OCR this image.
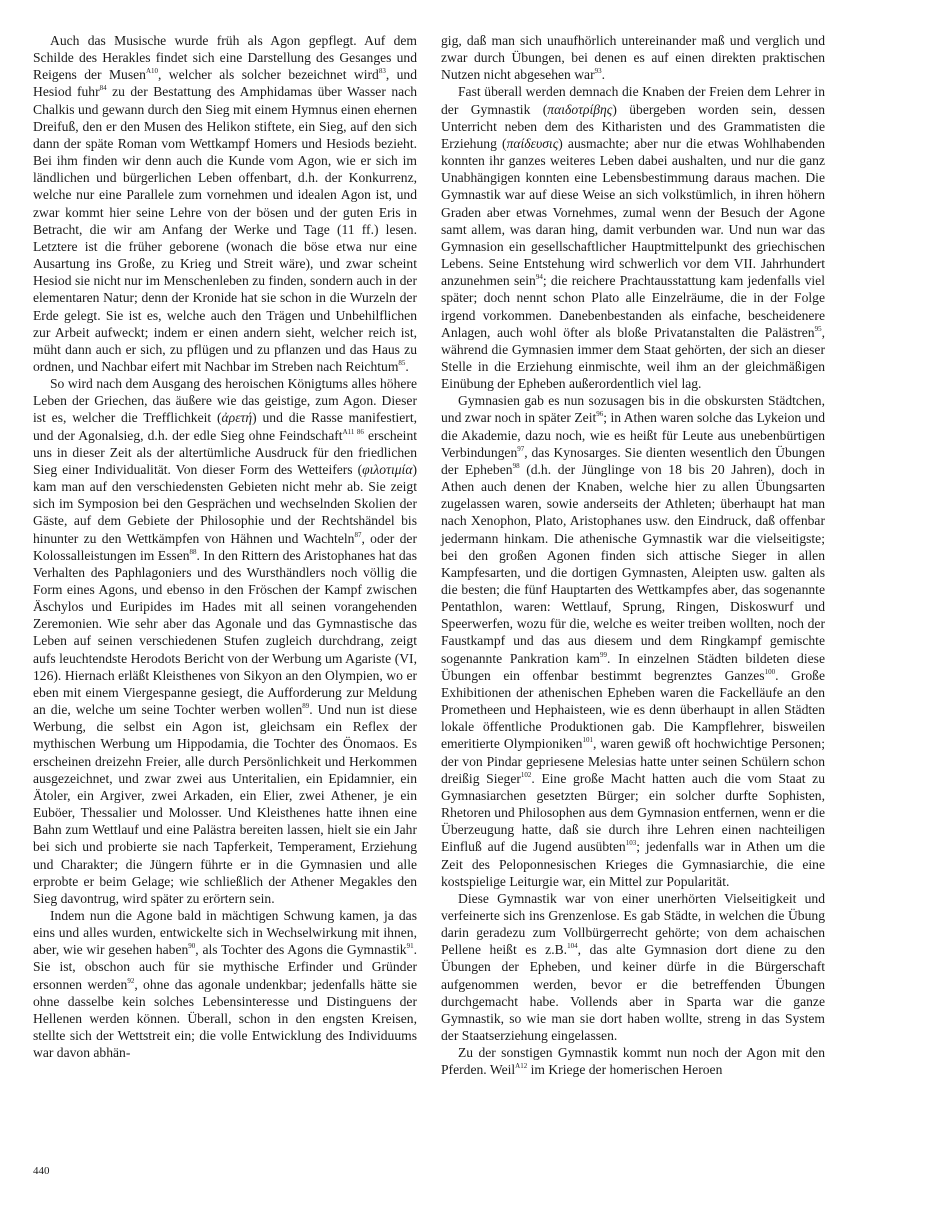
Auch das Musische wurde früh als Agon gepflegt. Auf dem Schilde des Herakles findet sich eine Darstellung des Gesanges und Reigens der Musen$^{A10}$, welcher als solcher bezeichnet wird$^{83}$, und Hesiod fuhr$^{84}$ zu der Bestattung des Amphidamas über Wasser nach Chalkis und gewann durch den Sieg mit einem Hymnus einen ehernen Dreifuß, den er den Musen des Helikon stiftete, ein Sieg, auf den sich dann der späte Roman vom Wettkampf Homers und Hesiods bezieht. Bei ihm finden wir denn auch die Kunde vom Agon, wie er sich im ländlichen und bürgerlichen Leben offenbart, d.h. der Konkurrenz, welche nur eine Parallele zum vornehmen und idealen Agon ist, und zwar kommt hier seine Lehre von der bösen und der guten Eris in Betracht, die wir am Anfang der Werke und Tage (11 ff.) lesen. Letztere ist die früher geborene (wonach die böse etwa nur eine Ausartung ins Große, zu Krieg und Streit wäre), und zwar scheint Hesiod sie nicht nur im Menschenleben zu finden, sondern auch in der elementaren Natur; denn der Kronide hat sie schon in die Wurzeln der Erde gelegt. Sie ist es, welche auch den Trägen und Unbehilflichen zur Arbeit aufweckt; indem er einen andern sieht, welcher reich ist, müht dann auch er sich, zu pflügen und zu pflanzen und das Haus zu ordnen, und Nachbar eifert mit Nachbar im Streben nach Reichtum$^{85}$.

So wird nach dem Ausgang des heroischen Königtums alles höhere Leben der Griechen, das äußere wie das geistige, zum Agon. Dieser ist es, welcher die Trefflichkeit (ἀρετή) und die Rasse manifestiert, und der Agonalsieg, d.h. der edle Sieg ohne Feindschaft$^{A11 86}$ erscheint uns in dieser Zeit als der altertümliche Ausdruck für den friedlichen Sieg einer Individualität. Von dieser Form des Wetteifers (φιλοτιμία) kam man auf den verschiedensten Gebieten nicht mehr ab. Sie zeigt sich im Symposion bei den Gesprächen und wechselnden Skolien der Gäste, auf dem Gebiete der Philosophie und der Rechtshändel bis hinunter zu den Wettkämpfen von Hähnen und Wachteln$^{87}$, oder der Kolossalleistungen im Essen$^{88}$. In den Rittern des Aristophanes hat das Verhalten des Paphlagoniers und des Wursthändlers noch völlig die Form eines Agons, und ebenso in den Fröschen der Kampf zwischen Äschylos und Euripides im Hades mit all seinen vorangehenden Zeremonien. Wie sehr aber das Agonale und das Gymnastische das Leben auf seinen verschiedenen Stufen zugleich durchdrang, zeigt aufs leuchtendste Herodots Bericht von der Werbung um Agariste (VI, 126). Hiernach erläßt Kleisthenes von Sikyon an den Olympien, wo er eben mit einem Viergespanne gesiegt, die Aufforderung zur Meldung an die, welche um seine Tochter werben wollen$^{89}$. Und nun ist diese Werbung, die selbst ein Agon ist, gleichsam ein Reflex der mythischen Werbung um Hippodamia, die Tochter des Önomaos. Es erscheinen dreizehn Freier, alle durch Persönlichkeit und Herkommen ausgezeichnet, und zwar zwei aus Unteritalien, ein Epidamnier, ein Ätoler, ein Argiver, zwei Arkaden, ein Elier, zwei Athener, je ein Euböer, Thessalier und Molosser. Und Kleisthenes hatte ihnen eine Bahn zum Wettlauf und eine Palästra bereiten lassen, hielt sie ein Jahr bei sich und probierte sie nach Tapferkeit, Temperament, Erziehung und Charakter; die Jüngern führte er in die Gymnasien und alle erprobte er beim Gelage; wie schließlich der Athener Megakles den Sieg davontrug, wird später zu erörtern sein.

Indem nun die Agone bald in mächtigen Schwung kamen, ja das eins und alles wurden, entwickelte sich in Wechselwirkung mit ihnen, aber, wie wir gesehen haben$^{90}$, als Tochter des Agons die Gymnastik$^{91}$. Sie ist, obschon auch für sie mythische Erfinder und Gründer ersonnen werden$^{92}$, ohne das agonale undenkbar; jedenfalls hätte sie ohne dasselbe kein solches Lebensinteresse und Distinguens der Hellenen werden können. Überall, schon in den engsten Kreisen, stellte sich der Wettstreit ein; die volle Entwicklung des Individuums war davon abhän-

gig, daß man sich unaufhörlich untereinander maß und verglich und zwar durch Übungen, bei denen es auf einen direkten praktischen Nutzen nicht abgesehen war$^{93}$.

Fast überall werden demnach die Knaben der Freien dem Lehrer in der Gymnastik (παιδοτρίβης) übergeben worden sein, dessen Unterricht neben dem des Kitharisten und des Grammatisten die Erziehung (παίδευσις) ausmachte; aber nur die etwas Wohlhabenden konnten ihr ganzes weiteres Leben dabei aushalten, und nur die ganz Unabhängigen konnten eine Lebensbestimmung daraus machen. Die Gymnastik war auf diese Weise an sich volkstümlich, in ihren höhern Graden aber etwas Vornehmes, zumal wenn der Besuch der Agone samt allem, was daran hing, damit verbunden war. Und nun war das Gymnasion ein gesellschaftlicher Hauptmittelpunkt des griechischen Lebens. Seine Entstehung wird schwerlich vor dem VII. Jahrhundert anzunehmen sein$^{94}$; die reichere Prachtausstattung kam jedenfalls viel später; doch nennt schon Plato alle Einzelräume, die in der Folge irgend vorkommen. Danebenbestanden als einfache, bescheidenere Anlagen, auch wohl öfter als bloße Privatanstalten die Palästren$^{95}$, während die Gymnasien immer dem Staat gehörten, der sich an dieser Stelle in die Erziehung einmischte, weil ihm an der gleichmäßigen Einübung der Epheben außerordentlich viel lag.

Gymnasien gab es nun sozusagen bis in die obskursten Städtchen, und zwar noch in später Zeit$^{96}$; in Athen waren solche das Lykeion und die Akademie, dazu noch, wie es heißt für Leute aus unebenbürtigen Verbindungen$^{97}$, das Kynosarges. Sie dienten wesentlich den Übungen der Epheben$^{98}$ (d.h. der Jünglinge von 18 bis 20 Jahren), doch in Athen auch denen der Knaben, welche hier zu allen Übungsarten zugelassen waren, sowie anderseits der Athleten; überhaupt hat man nach Xenophon, Plato, Aristophanes usw. den Eindruck, daß offenbar jedermann hinkam. Die athenische Gymnastik war die vielseitigste; bei den großen Agonen finden sich attische Sieger in allen Kampfesarten, und die dortigen Gymnasten, Aleipten usw. galten als die besten; die fünf Hauptarten des Wettkampfes aber, das sogenannte Pentathlon, waren: Wettlauf, Sprung, Ringen, Diskoswurf und Speerwerfen, wozu für die, welche es weiter treiben wollten, noch der Faustkampf und das aus diesem und dem Ringkampf gemischte sogenannte Pankration kam$^{99}$. In einzelnen Städten bildeten diese Übungen ein offenbar bestimmt begrenztes Ganzes$^{100}$. Große Exhibitionen der athenischen Epheben waren die Fackelläufe an den Prometheen und Hephaisteen, wie es denn überhaupt in allen Städten lokale öffentliche Produktionen gab. Die Kampflehrer, bisweilen emeritierte Olympioniken$^{101}$, waren gewiß oft hochwichtige Personen; der von Pindar gepriesene Melesias hatte unter seinen Schülern schon dreißig Sieger$^{102}$. Eine große Macht hatten auch die vom Staat zu Gymnasiarchen gesetzten Bürger; ein solcher durfte Sophisten, Rhetoren und Philosophen aus dem Gymnasion entfernen, wenn er die Überzeugung hatte, daß sie durch ihre Lehren einen nachteiligen Einfluß auf die Jugend ausübten$^{103}$; jedenfalls war in Athen um die Zeit des Peloponnesischen Krieges die Gymnasiarchie, die eine kostspielige Leiturgie war, ein Mittel zur Popularität.

Diese Gymnastik war von einer unerhörten Vielseitigkeit und verfeinerte sich ins Grenzenlose. Es gab Städte, in welchen die Übung darin geradezu zum Vollbürgerrecht gehörte; von dem achaischen Pellene heißt es z.B.$^{104}$, das alte Gymnasion dort diene zu den Übungen der Epheben, und keiner dürfe in die Bürgerschaft aufgenommen werden, bevor er die betreffenden Übungen durchgemacht habe. Vollends aber in Sparta war die ganze Gymnastik, so wie man sie dort haben wollte, streng in das System der Staatserziehung eingelassen.

Zu der sonstigen Gymnastik kommt nun noch der Agon mit den Pferden. Weil$^{A12}$ im Kriege der homerischen Heroen

440
